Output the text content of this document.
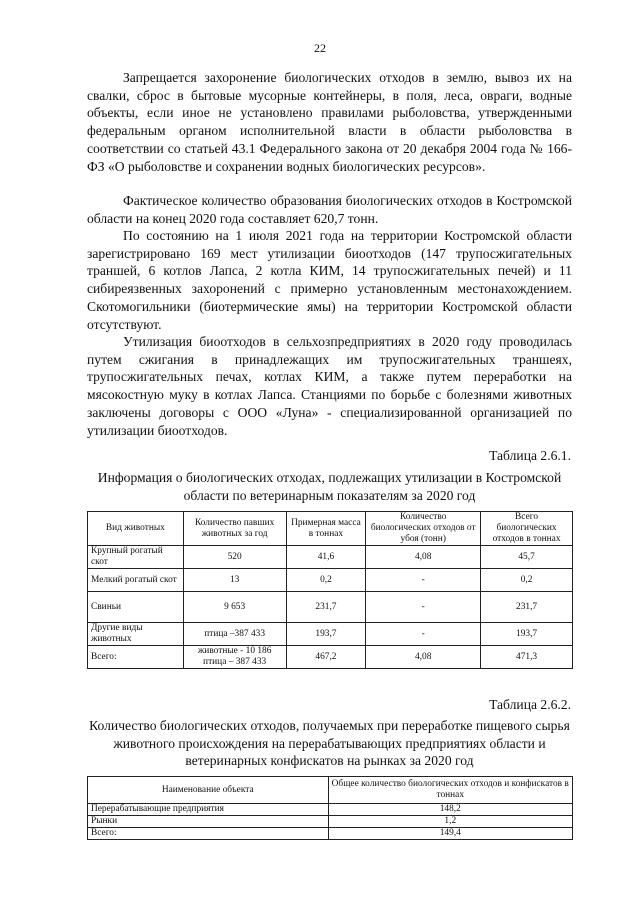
22

Запрещается захоронение биологических отходов в землю, вывоз их на свалки, сброс в бытовые мусорные контейнеры, в поля, леса, овраги, водные объекты, если иное не установлено правилами рыболовства, утвержденными федеральным органом исполнительной власти в области рыболовства в соответствии со статьей 43.1 Федерального закона от 20 декабря 2004 года № 166-ФЗ «О рыболовстве и сохранении водных биологических ресурсов».

Фактическое количество образования биологических отходов в Костромской области на конец 2020 года составляет 620,7 тонн.

По состоянию на 1 июля 2021 года на территории Костромской области зарегистрировано 169 мест утилизации биоотходов (147 трупосжигательных траншей, 6 котлов Лапса, 2 котла КИМ, 14 трупосжигательных печей) и 11 сибиреязвенных захоронений с примерно установленным местонахождением. Скотомогильники (биотермические ямы) на территории Костромской области отсутствуют.

Утилизация биоотходов в сельхозпредприятиях в 2020 году проводилась путем сжигания в принадлежащих им трупосжигательных траншеях, трупосжигательных печах, котлах КИМ, а также путем переработки на мясокостную муку в котлах Лапса. Станциями по борьбе с болезнями животных заключены договоры с ООО «Луна» - специализированной организацией по утилизации биоотходов.

Таблица 2.6.1.

Информация о биологических отходах, подлежащих утилизации в Костромской области по ветеринарным показателям за 2020 год

Вид животных	Количество павших животных за год	Примерная масса в тоннах	Количество биологических отходов от убоя (тонн)	Всего биологических отходов в тоннах
Крупный рогатый скот	520	41,6	4,08	45,7
Мелкий рогатый скот	13	0,2	-	0,2
Свиньи	9 653	231,7	-	231,7
Другие виды животных	птица –387 433	193,7	-	193,7
Всего:	животные - 10 186 птица – 387 433	467,2	4,08	471,3
Таблица 2.6.2.

Количество биологических отходов, получаемых при переработке пищевого сырья животного происхождения на перерабатывающих предприятиях области и ветеринарных конфискатов на рынках за 2020 год

Наименование объекта	Общее количество биологических отходов и конфискатов в тоннах
Перерабатывающие предприятия	148,2
Рынки	1,2
Всего:	149,4
